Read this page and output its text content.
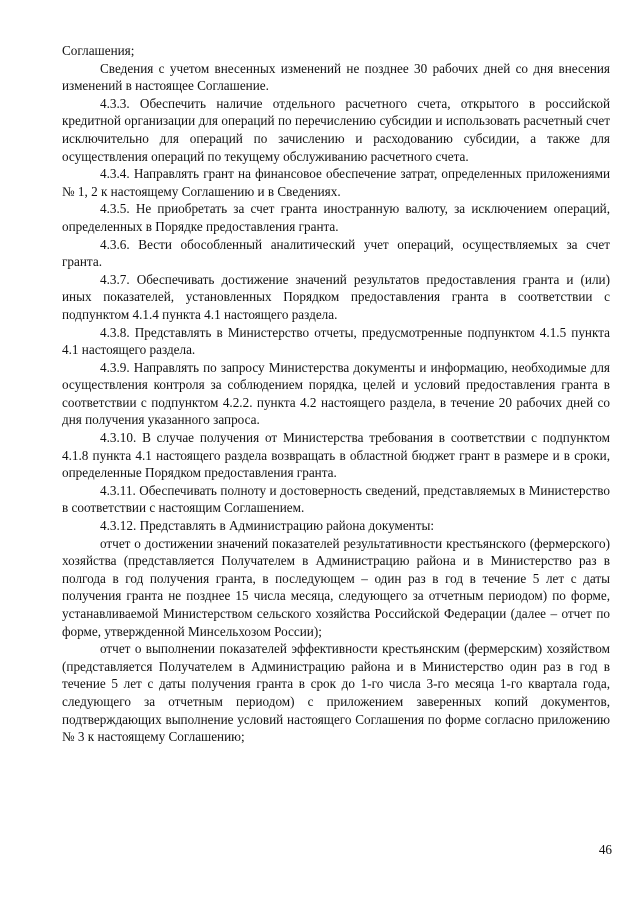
Соглашения;

Сведения с учетом внесенных изменений не позднее 30 рабочих дней со дня внесения изменений в настоящее Соглашение.

4.3.3. Обеспечить наличие отдельного расчетного счета, открытого в российской кредитной организации для операций по перечислению субсидии и использовать расчетный счет исключительно для операций по зачислению и расходованию субсидии, а также для осуществления операций по текущему обслуживанию расчетного счета.

4.3.4. Направлять грант на финансовое обеспечение затрат, определенных приложениями № 1, 2 к настоящему Соглашению и в Сведениях.

4.3.5. Не приобретать за счет гранта иностранную валюту, за исключением операций, определенных в Порядке предоставления гранта.

4.3.6. Вести обособленный аналитический учет операций, осуществляемых за счет гранта.

4.3.7. Обеспечивать достижение значений результатов предоставления гранта и (или) иных показателей, установленных Порядком предоставления гранта в соответствии с подпунктом 4.1.4 пункта 4.1 настоящего раздела.

4.3.8. Представлять в Министерство отчеты, предусмотренные подпунктом 4.1.5 пункта 4.1 настоящего раздела.

4.3.9. Направлять по запросу Министерства документы и информацию, необходимые для осуществления контроля за соблюдением порядка, целей и условий предоставления гранта в соответствии с подпунктом 4.2.2. пункта 4.2 настоящего раздела, в течение 20 рабочих дней со дня получения указанного запроса.

4.3.10. В случае получения от Министерства требования в соответствии с подпунктом 4.1.8 пункта 4.1 настоящего раздела возвращать в областной бюджет грант в размере и в сроки, определенные Порядком предоставления гранта.

4.3.11. Обеспечивать полноту и достоверность сведений, представляемых в Министерство в соответствии с настоящим Соглашением.

4.3.12. Представлять в Администрацию района документы:

отчет о достижении значений показателей результативности крестьянского (фермерского) хозяйства (представляется Получателем в Администрацию района и в Министерство раз в полгода в год получения гранта, в последующем – один раз в год в течение 5 лет с даты получения гранта не позднее 15 числа месяца, следующего за отчетным периодом) по форме, устанавливаемой Министерством сельского хозяйства Российской Федерации (далее – отчет по форме, утвержденной Минсельхозом России);

отчет о выполнении показателей эффективности крестьянским (фермерским) хозяйством (представляется Получателем в Администрацию района и в Министерство один раз в год в течение 5 лет с даты получения гранта в срок до 1-го числа 3-го месяца 1-го квартала года, следующего за отчетным периодом) с приложением заверенных копий документов, подтверждающих выполнение условий настоящего Соглашения по форме согласно приложению № 3 к настоящему Соглашению;

46
